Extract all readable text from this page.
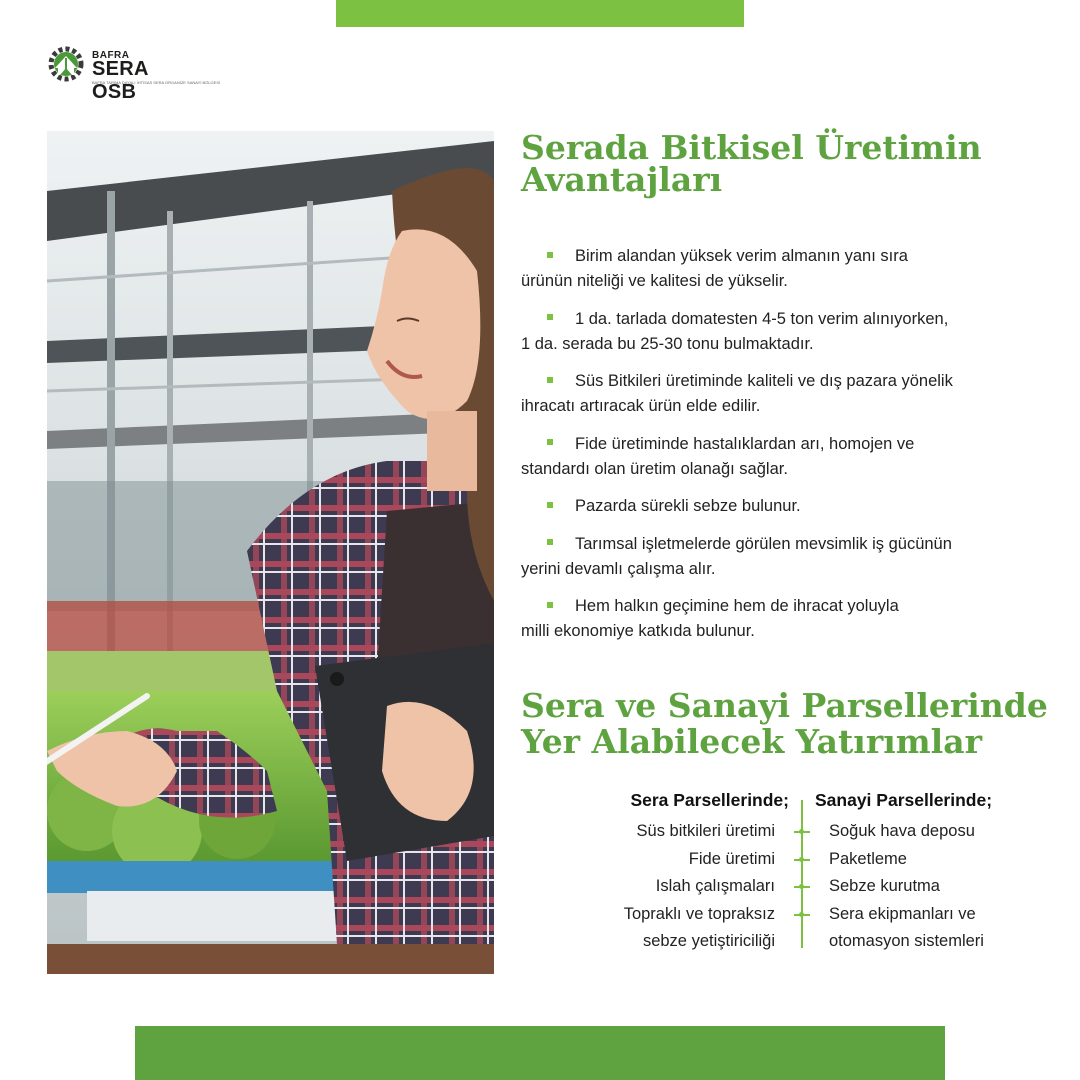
BAFRA
SERA OSB
BAFRA TARIMA DAYALI İHTİSAS SERA ORGANİZE SANAYİ BÖLGESİ
Serada Bitkisel Üretimin
Avantajları
Birim alandan yüksek verim almanın yanı sıra
ürünün niteliği ve kalitesi de yükselir.
1 da. tarlada domatesten 4-5 ton verim alınıyorken,
1 da. serada bu 25-30 tonu bulmaktadır.
Süs Bitkileri üretiminde kaliteli ve dış pazara yönelik
ihracatı artıracak ürün elde edilir.
Fide üretiminde hastalıklardan arı, homojen ve
standardı olan üretim olanağı sağlar.
Pazarda sürekli sebze bulunur.
Tarımsal işletmelerde görülen mevsimlik iş gücünün
yerini devamlı çalışma alır.
Hem halkın geçimine hem de ihracat yoluyla
milli ekonomiye katkıda bulunur.
Sera ve Sanayi Parsellerinde
Yer Alabilecek Yatırımlar
Sera Parsellerinde; Sanayi Parsellerinde;
Süs bitkileri üretimi
Fide üretimi
Islah çalışmaları
Topraklı ve topraksız
sebze yetiştiriciliği
Soğuk hava deposu
Paketleme
Sebze kurutma
Sera ekipmanları ve
otomasyon sistemleri
